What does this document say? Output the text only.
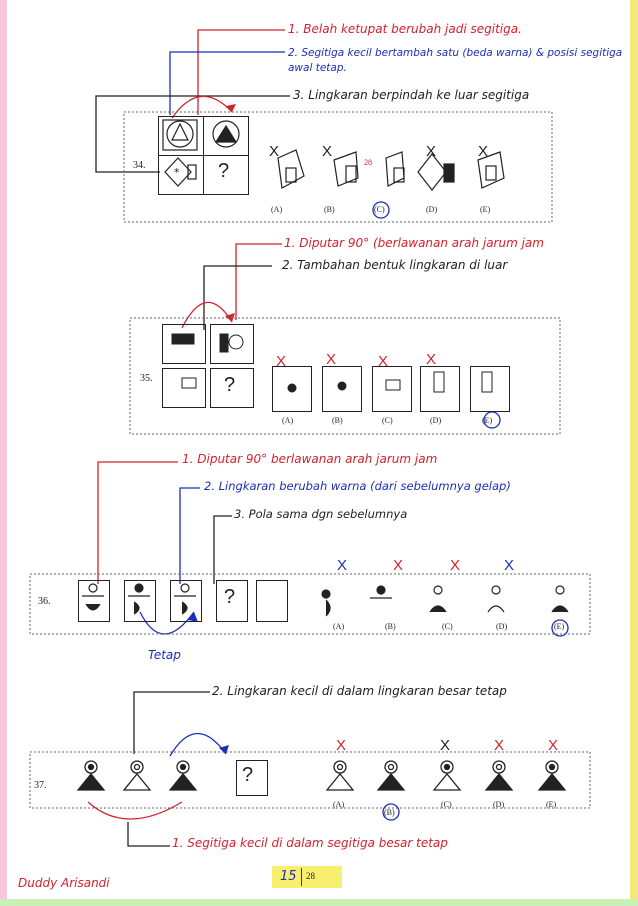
*
1. Belah ketupat berubah jadi segitiga.
2. Segitiga kecil bertambah satu (beda warna) & posisi segitiga awal tetap.
3. Lingkaran berpindah ke luar segitiga
1. Diputar 90° (berlawanan arah jarum jam
2. Tambahan bentuk lingkaran di luar
1. Diputar 90° berlawanan arah jarum jam
2. Lingkaran berubah warna (dari sebelumnya gelap)
3. Pola sama dgn sebelumnya
Tetap
2. Lingkaran kecil di dalam lingkaran besar tetap
1. Segitiga kecil di dalam segitiga besar tetap
34.	?
X	X	X	X
28
(A)	(B)	(C)	(D)	(E)
35.	?
X	X	X	X
(A)	(B)	(C)	(D)	(E)
36.	?
X	X	X	X
(A)	(B)	(C)	(D)	(E)
37.	?
X	X	X	X
(A)
(B)
(C)	(D)	(E)
Duddy Arisandi	15 28
